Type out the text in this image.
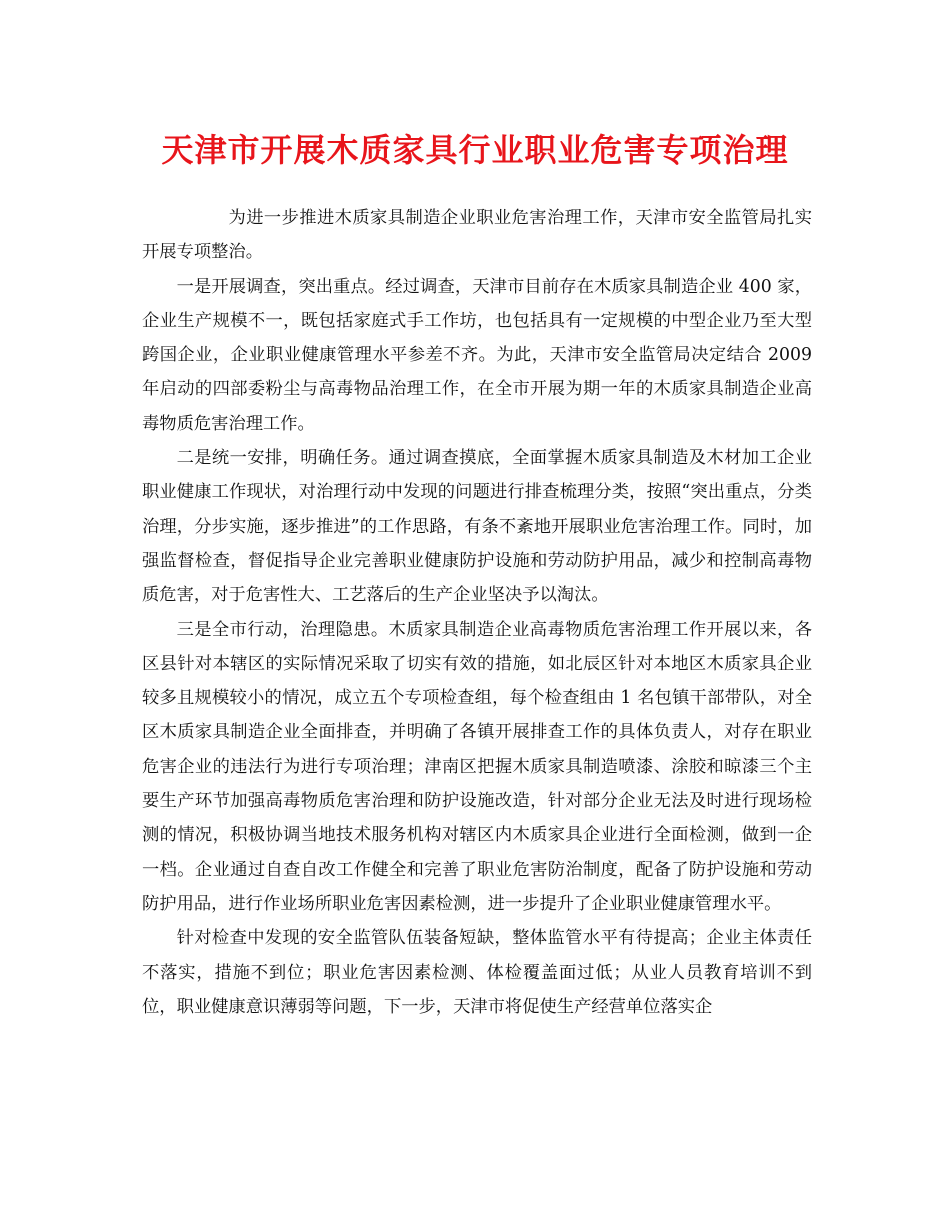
天津市开展木质家具行业职业危害专项治理

为进一步推进木质家具制造企业职业危害治理工作，天津市安全监管局扎实开展专项整治。

一是开展调查，突出重点。经过调查，天津市目前存在木质家具制造企业 400 家，企业生产规模不一，既包括家庭式手工作坊，也包括具有一定规模的中型企业乃至大型跨国企业，企业职业健康管理水平参差不齐。为此，天津市安全监管局决定结合 2009 年启动的四部委粉尘与高毒物品治理工作，在全市开展为期一年的木质家具制造企业高毒物质危害治理工作。

二是统一安排，明确任务。通过调查摸底，全面掌握木质家具制造及木材加工企业职业健康工作现状，对治理行动中发现的问题进行排查梳理分类，按照“突出重点，分类治理，分步实施，逐步推进”的工作思路，有条不紊地开展职业危害治理工作。同时，加强监督检查，督促指导企业完善职业健康防护设施和劳动防护用品，减少和控制高毒物质危害，对于危害性大、工艺落后的生产企业坚决予以淘汰。

三是全市行动，治理隐患。木质家具制造企业高毒物质危害治理工作开展以来，各区县针对本辖区的实际情况采取了切实有效的措施，如北辰区针对本地区木质家具企业较多且规模较小的情况，成立五个专项检查组，每个检查组由 1 名包镇干部带队，对全区木质家具制造企业全面排查，并明确了各镇开展排查工作的具体负责人，对存在职业危害企业的违法行为进行专项治理；津南区把握木质家具制造喷漆、涂胶和晾漆三个主要生产环节加强高毒物质危害治理和防护设施改造，针对部分企业无法及时进行现场检测的情况，积极协调当地技术服务机构对辖区内木质家具企业进行全面检测，做到一企一档。企业通过自查自改工作健全和完善了职业危害防治制度，配备了防护设施和劳动防护用品，进行作业场所职业危害因素检测，进一步提升了企业职业健康管理水平。

针对检查中发现的安全监管队伍装备短缺，整体监管水平有待提高；企业主体责任不落实，措施不到位；职业危害因素检测、体检覆盖面过低；从业人员教育培训不到位，职业健康意识薄弱等问题，下一步，天津市将促使生产经营单位落实企
